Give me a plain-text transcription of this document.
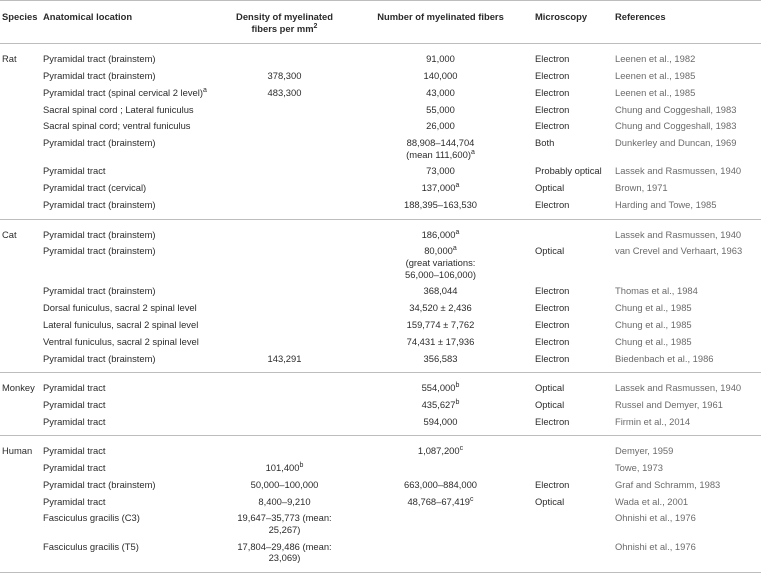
Species	Anatomical location	Density of myelinated fibers per $mm^2$	Number of myelinated fibers	Microscopy	References
Rat	Pyramidal tract (brainstem)		91,000	Electron	Leenen et al., 1982
	Pyramidal tract (brainstem)	378,300	140,000	Electron	Leenen et al., 1985
	Pyramidal tract (spinal cervical 2 level)$^a$	483,300	43,000	Electron	Leenen et al., 1985
	Sacral spinal cord ; Lateral funiculus		55,000	Electron	Chung and Coggeshall, 1983
	Sacral spinal cord; ventral funiculus		26,000	Electron	Chung and Coggeshall, 1983
	Pyramidal tract (brainstem)		88,908–144,704
(mean 111,600)$^a$	Both	Dunkerley and Duncan, 1969
	Pyramidal tract		73,000	Probably optical	Lassek and Rasmussen, 1940
	Pyramidal tract (cervical)		137,000$^a$	Optical	Brown, 1971
	Pyramidal tract (brainstem)		188,395–163,530	Electron	Harding and Towe, 1985
Cat	Pyramidal tract (brainstem)		186,000$^a$		Lassek and Rasmussen, 1940
	Pyramidal tract (brainstem)		80,000$^a$
(great variations:
56,000–106,000)	Optical	van Crevel and Verhaart, 1963
	Pyramidal tract (brainstem)		368,044	Electron	Thomas et al., 1984
	Dorsal funiculus, sacral 2 spinal level		34,520 ± 2,436	Electron	Chung et al., 1985
	Lateral funiculus, sacral 2 spinal level		159,774 ± 7,762	Electron	Chung et al., 1985
	Ventral funiculus, sacral 2 spinal level		74,431 ± 17,936	Electron	Chung et al., 1985
	Pyramidal tract (brainstem)	143,291	356,583	Electron	Biedenbach et al., 1986
Monkey	Pyramidal tract		554,000$^b$	Optical	Lassek and Rasmussen, 1940
	Pyramidal tract		435,627$^b$	Optical	Russel and Demyer, 1961
	Pyramidal tract		594,000	Electron	Firmin et al., 2014
Human	Pyramidal tract		1,087,200$^c$		Demyer, 1959
	Pyramidal tract	101,400$^b$			Towe, 1973
	Pyramidal tract (brainstem)	50,000–100,000	663,000–884,000	Electron	Graf and Schramm, 1983
	Pyramidal tract	8,400–9,210	48,768–67,419$^c$	Optical	Wada et al., 2001
	Fasciculus gracilis (C3)	19,647–35,773 (mean: 25,267)			Ohnishi et al., 1976
	Fasciculus gracilis (T5)	17,804–29,486 (mean: 23,069)			Ohnishi et al., 1976
